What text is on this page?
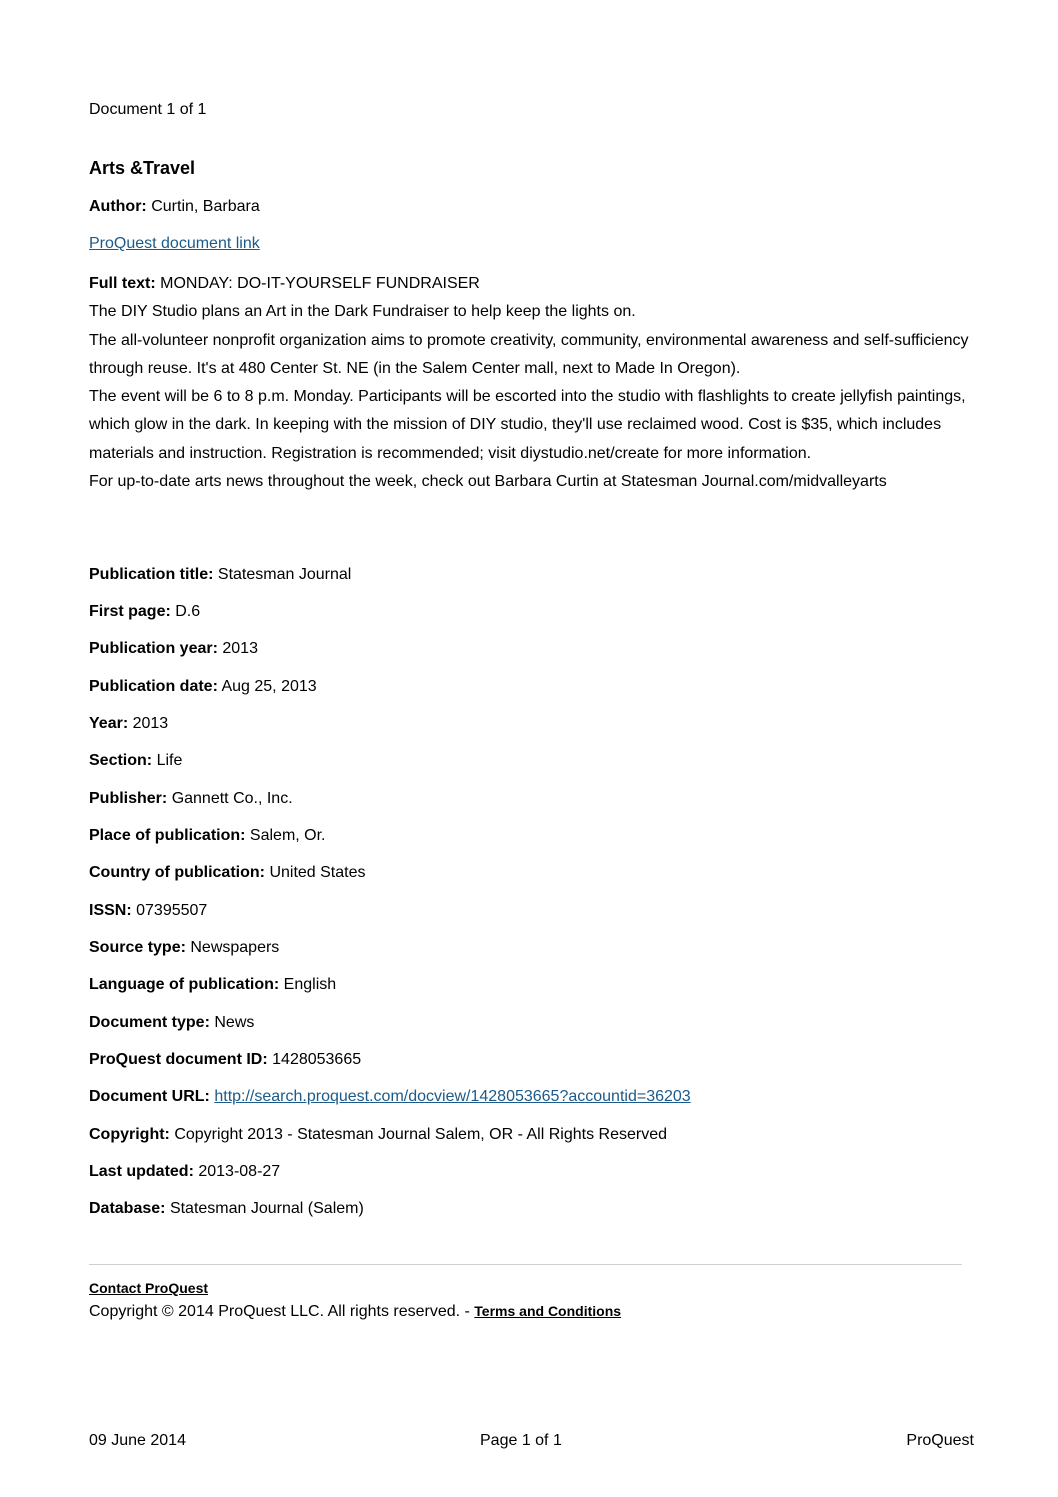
Document 1 of 1
Arts &Travel
Author: Curtin, Barbara
ProQuest document link

Full text: MONDAY: DO-IT-YOURSELF FUNDRAISER

The DIY Studio plans an Art in the Dark Fundraiser to help keep the lights on.

The all-volunteer nonprofit organization aims to promote creativity, community, environmental awareness and self-sufficiency through reuse. It's at 480 Center St. NE (in the Salem Center mall, next to Made In Oregon).

The event will be 6 to 8 p.m. Monday. Participants will be escorted into the studio with flashlights to create jellyfish paintings, which glow in the dark. In keeping with the mission of DIY studio, they'll use reclaimed wood. Cost is $35, which includes materials and instruction. Registration is recommended; visit diystudio.net/create for more information.

For up-to-date arts news throughout the week, check out Barbara Curtin at Statesman Journal.com/midvalleyarts

Publication title: Statesman Journal
First page: D.6
Publication year: 2013
Publication date: Aug 25, 2013
Year: 2013
Section: Life
Publisher: Gannett Co., Inc.
Place of publication: Salem, Or.
Country of publication: United States
ISSN: 07395507
Source type: Newspapers
Language of publication: English
Document type: News
ProQuest document ID: 1428053665
Document URL: http://search.proquest.com/docview/1428053665?accountid=36203
Copyright: Copyright 2013 - Statesman Journal Salem, OR - All Rights Reserved
Last updated: 2013-08-27
Database: Statesman Journal (Salem)
Contact ProQuest
Copyright © 2014 ProQuest LLC. All rights reserved. - Terms and Conditions
09 June 2014	Page 1 of 1	ProQuest
